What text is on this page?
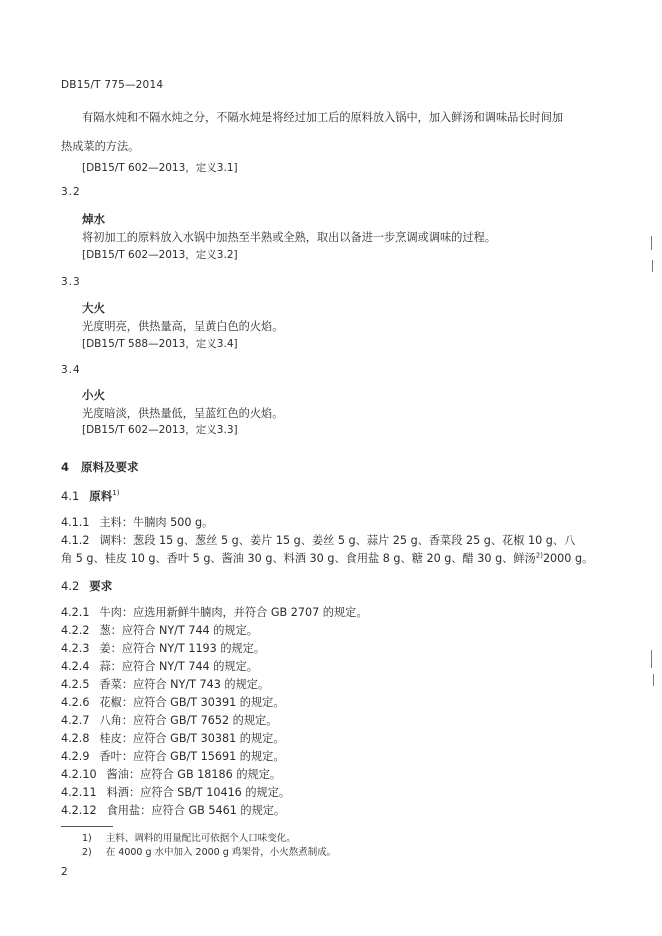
DB15/T 775—2014
有隔水炖和不隔水炖之分，不隔水炖是将经过加工后的原料放入锅中，加入鲜汤和调味品长时间加
热成菜的方法。
[DB15/T 602—2013，定义3.1]
3.2
焯水
将初加工的原料放入水锅中加热至半熟或全熟，取出以备进一步烹调或调味的过程。
[DB15/T 602—2013，定义3.2]
3.3
大火
光度明亮，供热量高，呈黄白色的火焰。
[DB15/T 588—2013，定义3.4]
3.4
小火
光度暗淡，供热量低，呈蓝红色的火焰。
[DB15/T 602—2013，定义3.3]
4 原料及要求
4.1 原料$^{1)}$
4.1.1 主料：牛腩肉 500 g。
4.1.2 调料：葱段 15 g、葱丝 5 g、姜片 15 g、姜丝 5 g、蒜片 25 g、香菜段 25 g、花椒 10 g、八
角 5 g、桂皮 10 g、香叶 5 g、酱油 30 g、料酒 30 g、食用盐 8 g、糖 20 g、醋 30 g、鲜汤$^{2)}$2000 g。
4.2 要求
4.2.1 牛肉：应选用新鲜牛腩肉，并符合 GB 2707 的规定。
4.2.2 葱：应符合 NY/T 744 的规定。
4.2.3 姜：应符合 NY/T 1193 的规定。
4.2.4 蒜：应符合 NY/T 744 的规定。
4.2.5 香菜：应符合 NY/T 743 的规定。
4.2.6 花椒：应符合 GB/T 30391 的规定。
4.2.7 八角：应符合 GB/T 7652 的规定。
4.2.8 桂皮：应符合 GB/T 30381 的规定。
4.2.9 香叶：应符合 GB/T 15691 的规定。
4.2.10 酱油：应符合 GB 18186 的规定。
4.2.11 料酒：应符合 SB/T 10416 的规定。
4.2.12 食用盐：应符合 GB 5461 的规定。
1) 主料、调料的用量配比可依据个人口味变化。
2) 在 4000 g 水中加入 2000 g 鸡架骨，小火熬煮制成。
2
